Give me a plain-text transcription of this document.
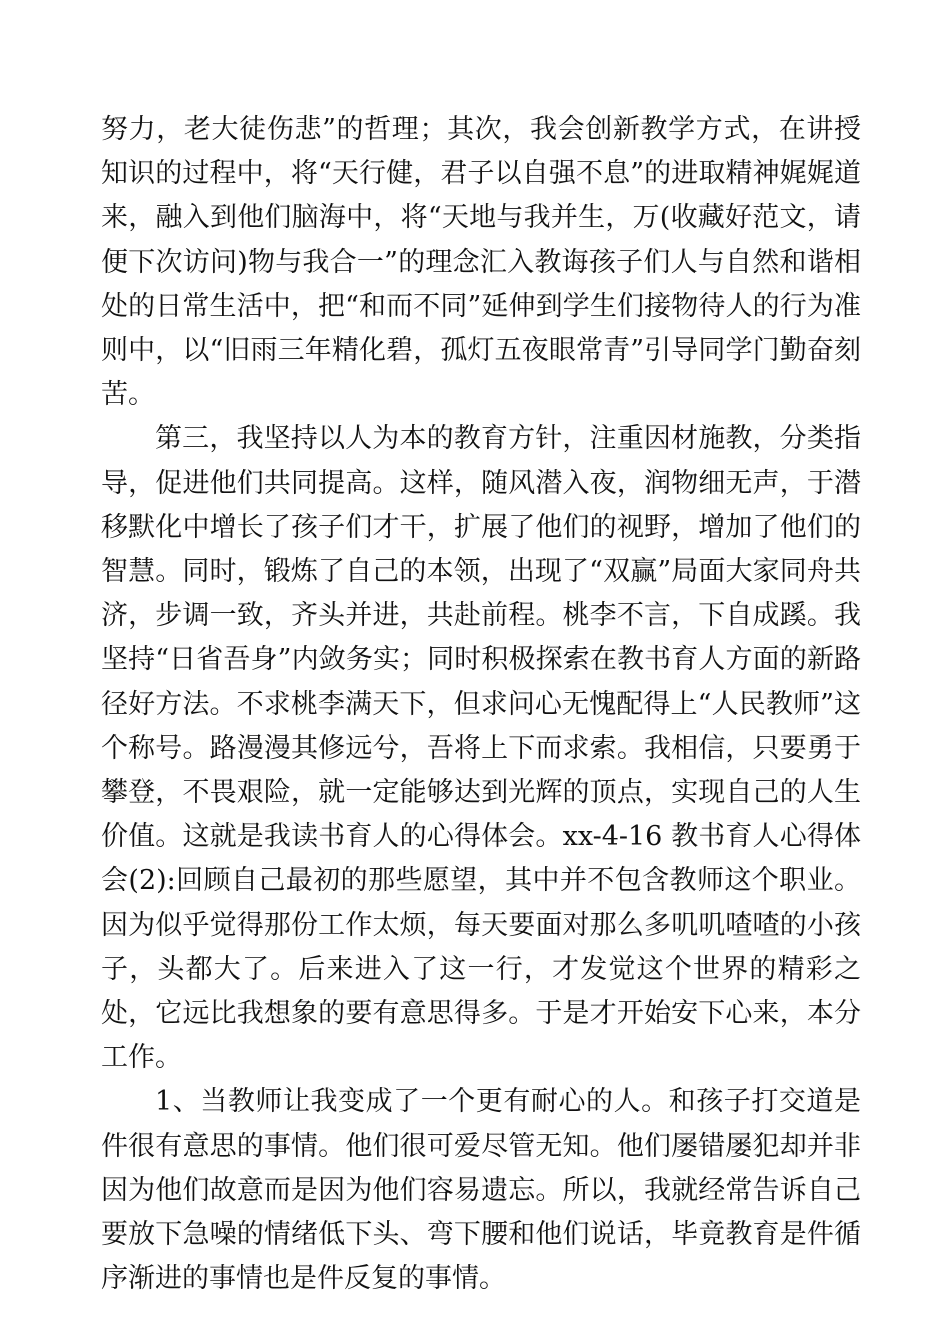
努力，老大徒伤悲”的哲理；其次，我会创新教学方式，在讲授知识的过程中，将“天行健，君子以自强不息”的进取精神娓娓道来，融入到他们脑海中，将“天地与我并生，万(收藏好范文，请便下次访问)物与我合一”的理念汇入教诲孩子们人与自然和谐相处的日常生活中，把“和而不同”延伸到学生们接物待人的行为准则中，以“旧雨三年精化碧，孤灯五夜眼常青”引导同学门勤奋刻苦。

第三，我坚持以人为本的教育方针，注重因材施教，分类指导，促进他们共同提高。这样，随风潜入夜，润物细无声，于潜移默化中增长了孩子们才干，扩展了他们的视野，增加了他们的智慧。同时，锻炼了自己的本领，出现了“双赢”局面大家同舟共济，步调一致，齐头并进，共赴前程。桃李不言，下自成蹊。我坚持“日省吾身”内敛务实；同时积极探索在教书育人方面的新路径好方法。不求桃李满天下，但求问心无愧配得上“人民教师”这个称号。路漫漫其修远兮，吾将上下而求索。我相信，只要勇于攀登，不畏艰险，就一定能够达到光辉的顶点，实现自己的人生价值。这就是我读书育人的心得体会。xx-4-16 教书育人心得体会(2):回顾自己最初的那些愿望，其中并不包含教师这个职业。因为似乎觉得那份工作太烦，每天要面对那么多叽叽喳喳的小孩子，头都大了。后来进入了这一行，才发觉这个世界的精彩之处，它远比我想象的要有意思得多。于是才开始安下心来，本分工作。

1、当教师让我变成了一个更有耐心的人。和孩子打交道是件很有意思的事情。他们很可爱尽管无知。他们屡错屡犯却并非因为他们故意而是因为他们容易遗忘。所以，我就经常告诉自己要放下急噪的情绪低下头、弯下腰和他们说话，毕竟教育是件循序渐进的事情也是件反复的事情。
